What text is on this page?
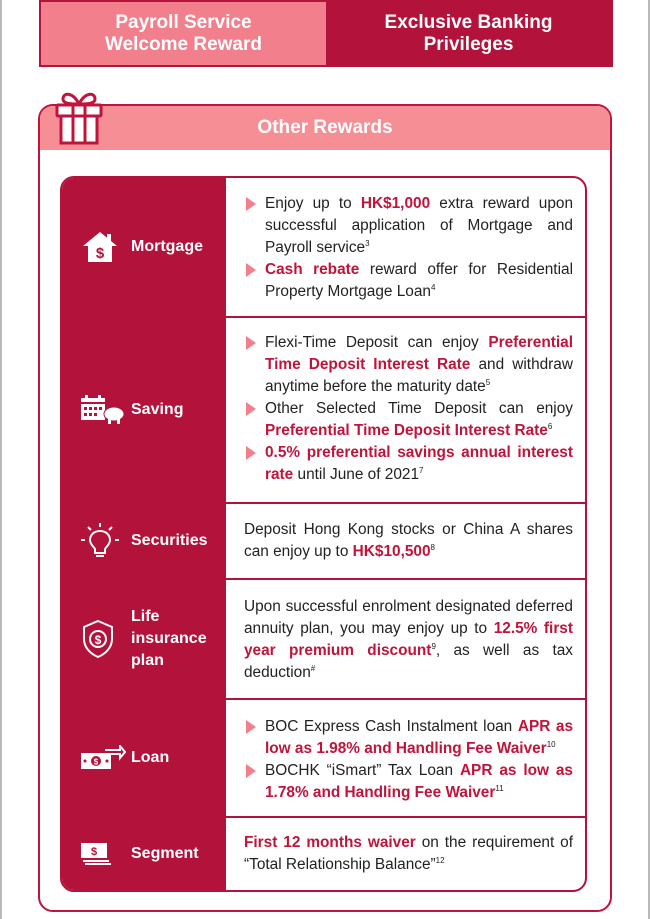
Payroll Service
Welcome Reward
Exclusive Banking
Privileges
Other Rewards
$ Mortgage
Enjoy up to HK$1,000 extra reward upon successful application of Mortgage and Payroll service$^3$
Cash rebate reward offer for Residential Property Mortgage Loan$^4$
Saving
Flexi-Time Deposit can enjoy Preferential Time Deposit Interest Rate and withdraw anytime before the maturity date$^5$
Other Selected Time Deposit can enjoy Preferential Time Deposit Interest Rate$^6$
0.5% preferential savings annual interest rate until June of 2021$^7$
Securities

Deposit Hong Kong stocks or China A shares can enjoy up to HK$10,500$^8$

$
Life insurance plan

Upon successful enrolment designated deferred annuity plan, you may enjoy up to 12.5% first year premium discount$^9$, as well as tax deduction#

$ Loan
BOC Express Cash Instalment loan APR as low as 1.98% and Handling Fee Waiver$^{10}$
BOCHK “iSmart” Tax Loan APR as low as 1.78% and Handling Fee Waiver$^{11}$
$ Segment

First 12 months waiver on the requirement of “Total Relationship Balance”$^{12}$
